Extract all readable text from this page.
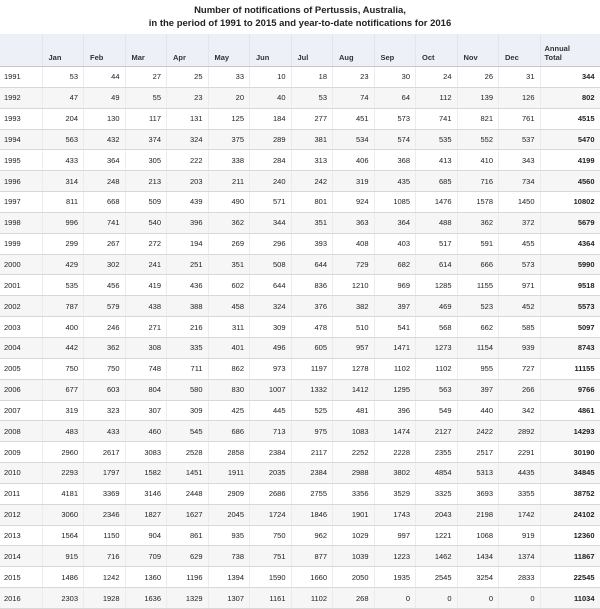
Number of notifications of Pertussis, Australia,
in the period of 1991 to 2015 and year-to-date notifications for 2016
	Jan	Feb	Mar	Apr	May	Jun	Jul	Aug	Sep	Oct	Nov	Dec	Annual
Total
1991	53	44	27	25	33	10	18	23	30	24	26	31	344
1992	47	49	55	23	20	40	53	74	64	112	139	126	802
1993	204	130	117	131	125	184	277	451	573	741	821	761	4515
1994	563	432	374	324	375	289	381	534	574	535	552	537	5470
1995	433	364	305	222	338	284	313	406	368	413	410	343	4199
1996	314	248	213	203	211	240	242	319	435	685	716	734	4560
1997	811	668	509	439	490	571	801	924	1085	1476	1578	1450	10802
1998	996	741	540	396	362	344	351	363	364	488	362	372	5679
1999	299	267	272	194	269	296	393	408	403	517	591	455	4364
2000	429	302	241	251	351	508	644	729	682	614	666	573	5990
2001	535	456	419	436	602	644	836	1210	969	1285	1155	971	9518
2002	787	579	438	388	458	324	376	382	397	469	523	452	5573
2003	400	246	271	216	311	309	478	510	541	568	662	585	5097
2004	442	362	308	335	401	496	605	957	1471	1273	1154	939	8743
2005	750	750	748	711	862	973	1197	1278	1102	1102	955	727	11155
2006	677	603	804	580	830	1007	1332	1412	1295	563	397	266	9766
2007	319	323	307	309	425	445	525	481	396	549	440	342	4861
2008	483	433	460	545	686	713	975	1083	1474	2127	2422	2892	14293
2009	2960	2617	3083	2528	2858	2384	2117	2252	2228	2355	2517	2291	30190
2010	2293	1797	1582	1451	1911	2035	2384	2988	3802	4854	5313	4435	34845
2011	4181	3369	3146	2448	2909	2686	2755	3356	3529	3325	3693	3355	38752
2012	3060	2346	1827	1627	2045	1724	1846	1901	1743	2043	2198	1742	24102
2013	1564	1150	904	861	935	750	962	1029	997	1221	1068	919	12360
2014	915	716	709	629	738	751	877	1039	1223	1462	1434	1374	11867
2015	1486	1242	1360	1196	1394	1590	1660	2050	1935	2545	3254	2833	22545
2016	2303	1928	1636	1329	1307	1161	1102	268	0	0	0	0	11034
